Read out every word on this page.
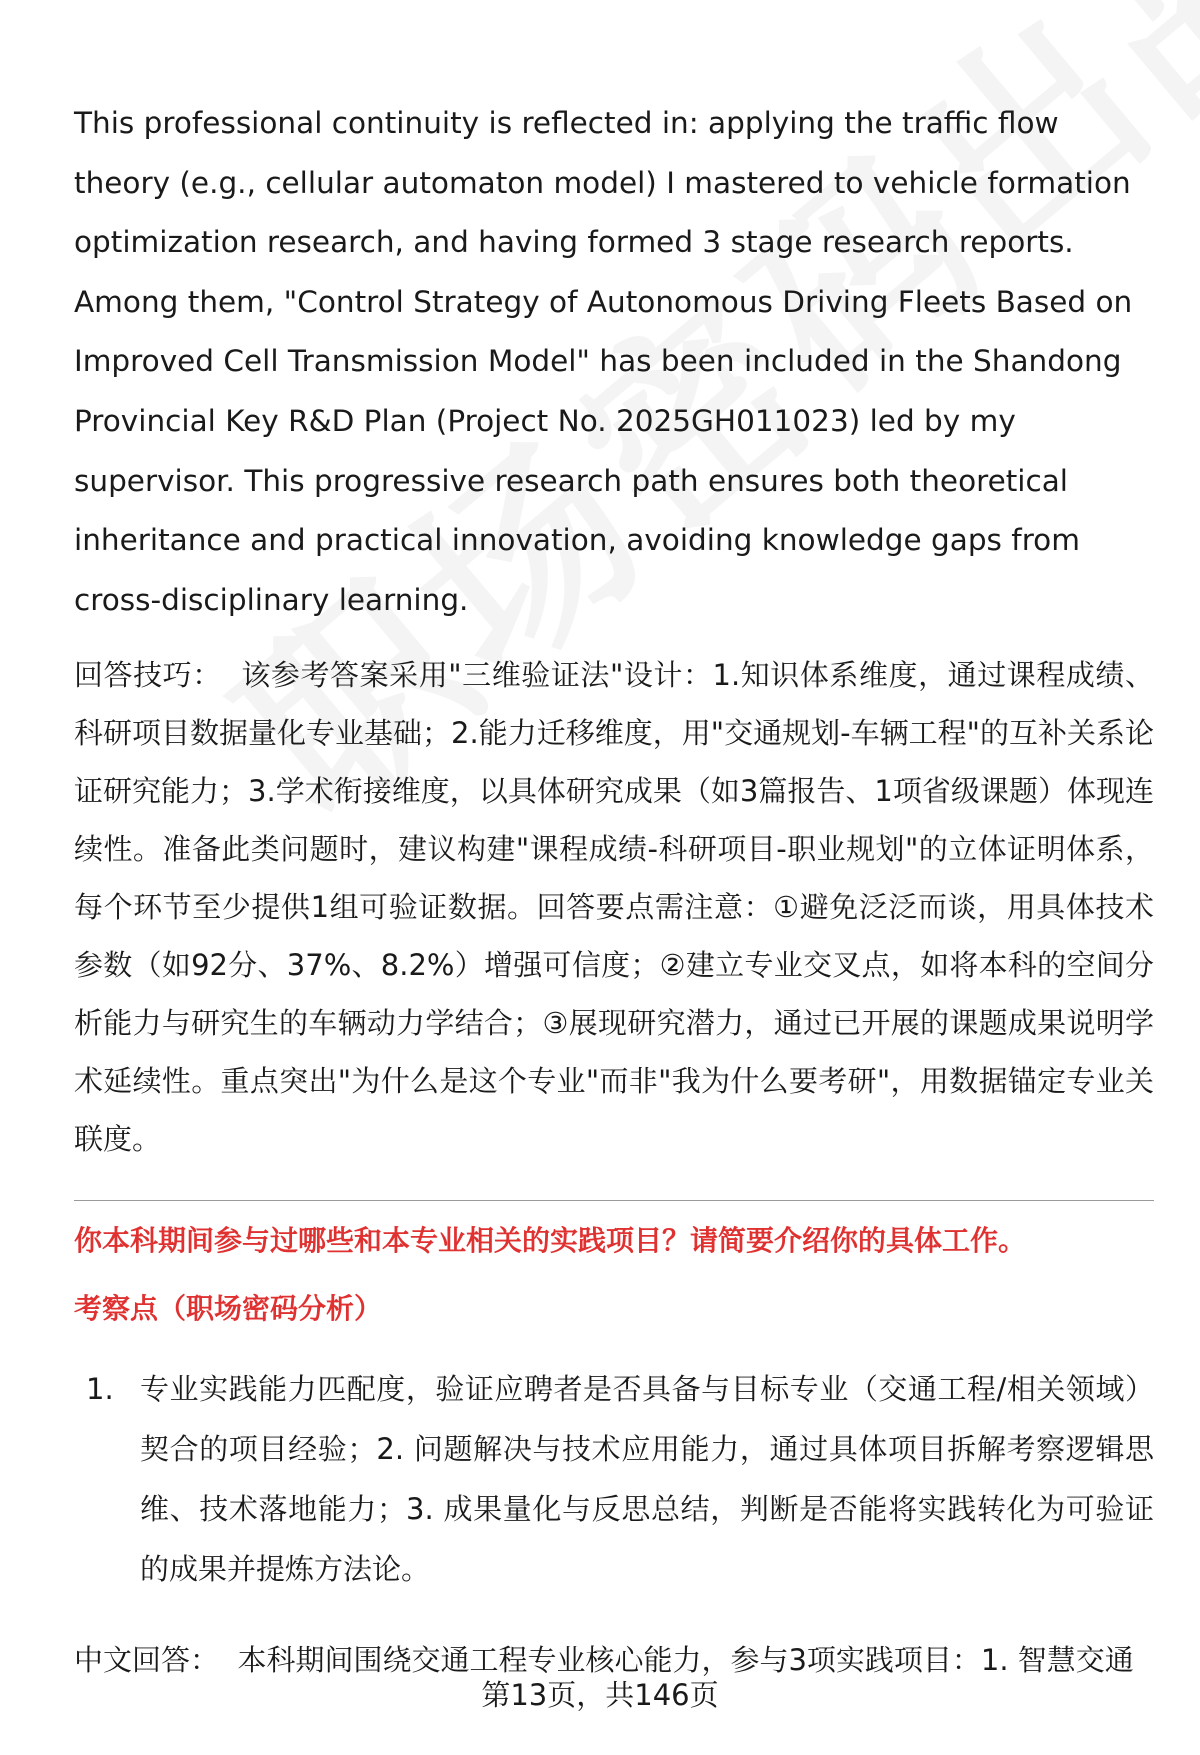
This professional continuity is reflected in: applying the traffic flow theory (e.g., cellular automaton model) I mastered to vehicle formation optimization research, and having formed 3 stage research reports. Among them, "Control Strategy of Autonomous Driving Fleets Based on Improved Cell Transmission Model" has been included in the Shandong Provincial Key R&D Plan (Project No. 2025GH011023) led by my supervisor. This progressive research path ensures both theoretical inheritance and practical innovation, avoiding knowledge gaps from cross-disciplinary learning.

回答技巧： 该参考答案采用"三维验证法"设计：1.知识体系维度，通过课程成绩、科研项目数据量化专业基础；2.能力迁移维度，用"交通规划-车辆工程"的互补关系论证研究能力；3.学术衔接维度，以具体研究成果（如3篇报告、1项省级课题）体现连续性。准备此类问题时，建议构建"课程成绩-科研项目-职业规划"的立体证明体系，每个环节至少提供1组可验证数据。回答要点需注意：①避免泛泛而谈，用具体技术参数（如92分、37%、8.2%）增强可信度；②建立专业交叉点，如将本科的空间分析能力与研究生的车辆动力学结合；③展现研究潜力，通过已开展的课题成果说明学术延续性。重点突出"为什么是这个专业"而非"我为什么要考研"，用数据锚定专业关联度。

你本科期间参与过哪些和本专业相关的实践项目？请简要介绍你的具体工作。
考察点（职场密码分析）
1. 专业实践能力匹配度，验证应聘者是否具备与目标专业（交通工程/相关领域）契合的项目经验；2. 问题解决与技术应用能力，通过具体项目拆解考察逻辑思维、技术落地能力；3. 成果量化与反思总结，判断是否能将实践转化为可验证的成果并提炼方法论。

中文回答： 本科期间围绕交通工程专业核心能力，参与3项实践项目：1. 智慧交通

第13页，共146页
